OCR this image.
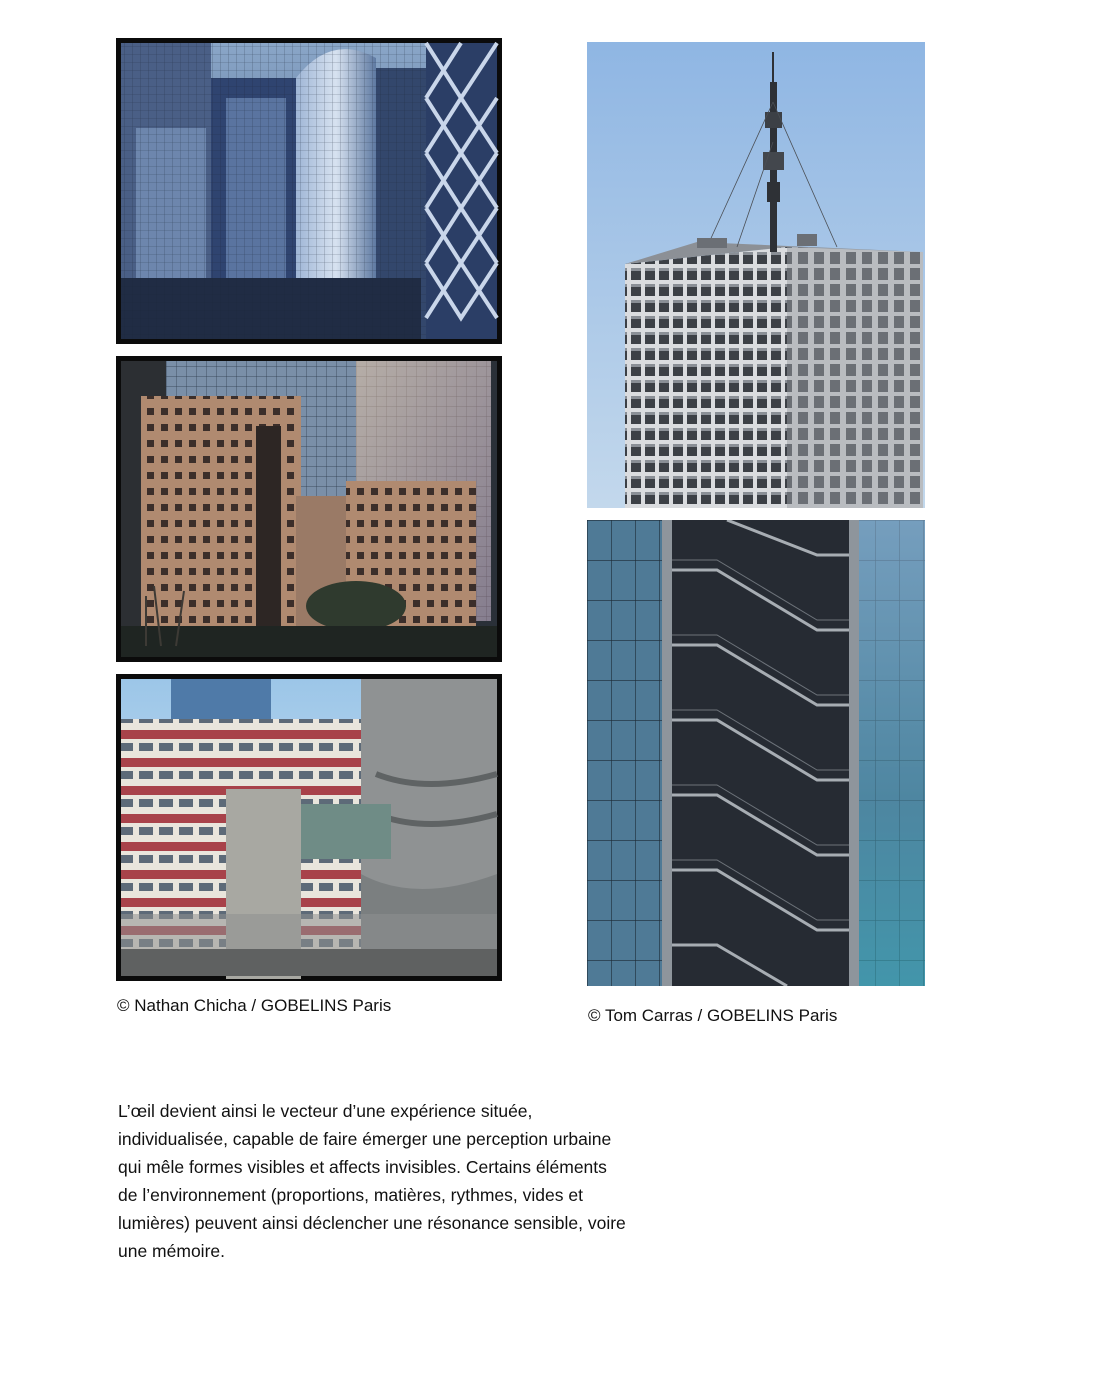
© Nathan Chicha / GOBELINS Paris
© Tom Carras / GOBELINS Paris
L’œil devient ainsi le vecteur d’une expérience située,
individualisée, capable de faire émerger une perception urbaine
qui mêle formes visibles et affects invisibles. Certains éléments
de l’environnement (proportions, matières, rythmes, vides et
lumières) peuvent ainsi déclencher une résonance sensible, voire
une mémoire.
